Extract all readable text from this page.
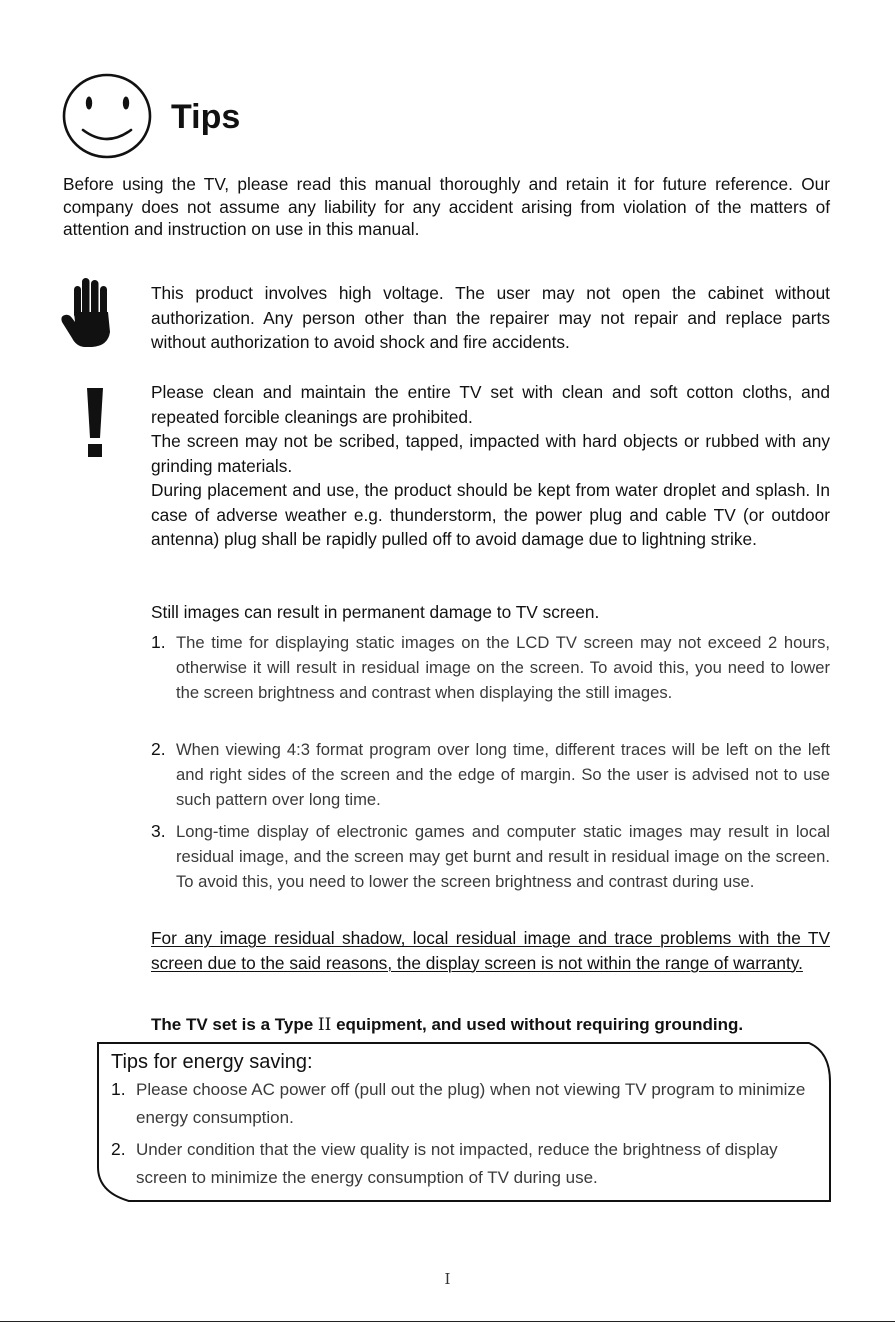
Tips
Before using the TV, please read this manual thoroughly and retain it for future reference. Our company does not assume any liability for any accident arising from violation of the matters of attention and instruction on use in this manual.
This product involves high voltage. The user may not open the cabinet without authorization. Any person other than the repairer may not repair and replace parts without authorization to avoid shock and fire accidents.
Please clean and maintain the entire TV set with clean and soft cotton cloths, and repeated forcible cleanings are prohibited.
The screen may not be scribed, tapped, impacted with hard objects or rubbed with any grinding materials.
During placement and use, the product should be kept from water droplet and splash. In case of adverse weather e.g. thunderstorm, the power plug and cable TV (or outdoor antenna) plug shall be rapidly pulled off to avoid damage due to lightning strike.
Still images can result in permanent damage to TV screen.
1. The time for displaying static images on the LCD TV screen may not exceed 2 hours, otherwise it will result in residual image on the screen. To avoid this, you need to lower the screen brightness and contrast when displaying the still images.
2. When viewing 4:3 format program over long time, different traces will be left on the left and right sides of the screen and the edge of margin. So the user is advised not to use such pattern over long time.
3. Long-time display of electronic games and computer static images may result in local residual image, and the screen may get burnt and result in residual image on the screen. To avoid this, you need to lower the screen brightness and contrast during use.
For any image residual shadow, local residual image and trace problems with the TV screen due to the said reasons, the display screen is not within the range of warranty.
The TV set is a Type II equipment, and used without requiring grounding.
Tips for energy saving:
1. Please choose AC power off (pull out the plug) when not viewing TV program to minimize energy consumption.
2. Under condition that the view quality is not impacted, reduce the brightness of display screen to minimize the energy consumption of TV during use.
I
